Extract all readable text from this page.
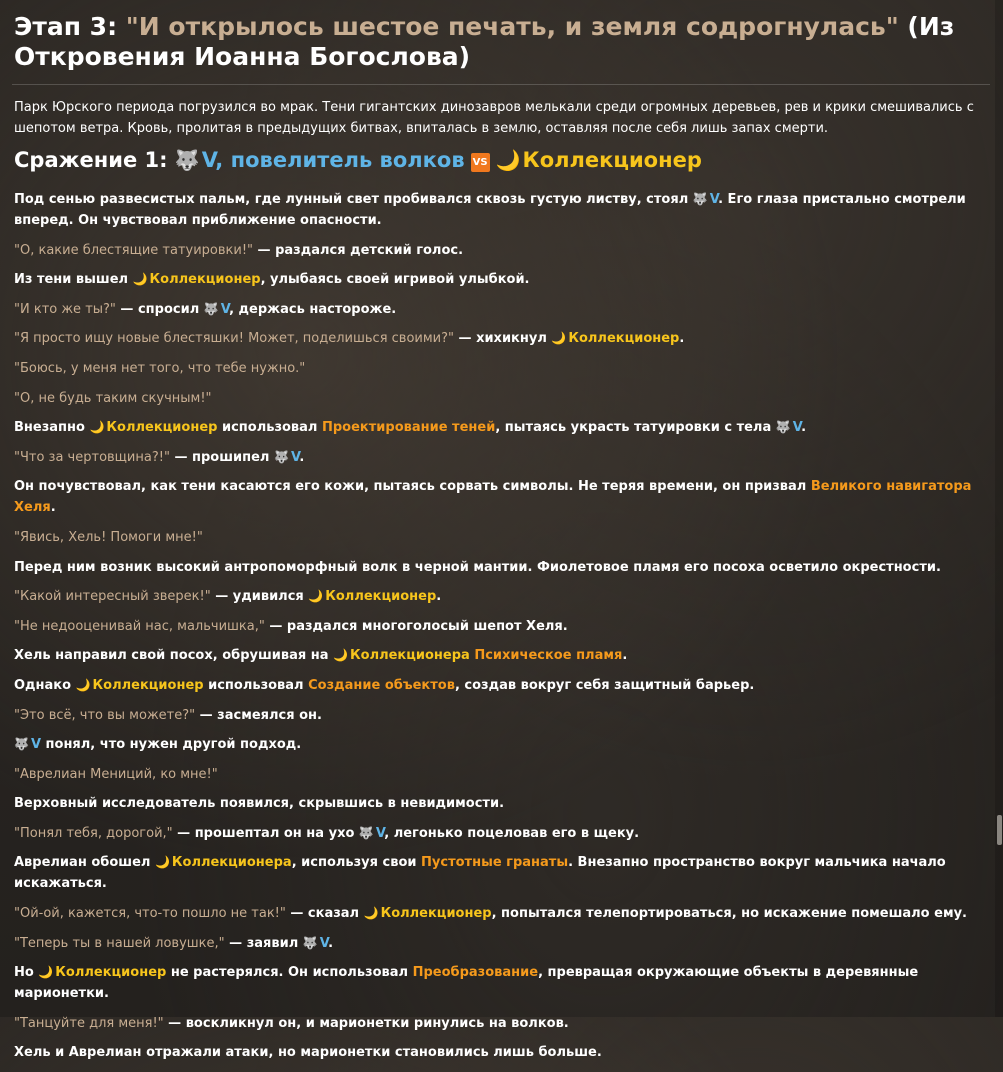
Этап 3: "И открылось шестое печать, и земля содрогнулась" (Из Откровения Иоанна Богослова)
Парк Юрского периода погрузился во мрак. Тени гигантских динозавров мелькали среди огромных деревьев, рев и крики смешивались с шепотом ветра. Кровь, пролитая в предыдущих битвах, впиталась в землю, оставляя после себя лишь запах смерти.
Сражение 1: 🐺V, повелитель волков VS 🌙Коллекционер
Под сенью развесистых пальм, где лунный свет пробивался сквозь густую листву, стоял 🐺 V. Его глаза пристально смотрели вперед. Он чувствовал приближение опасности.
"О, какие блестящие татуировки!" — раздался детский голос.
Из тени вышел 🌙 Коллекционер, улыбаясь своей игривой улыбкой.
"И кто же ты?" — спросил 🐺 V, держась настороже.
"Я просто ищу новые блестяшки! Может, поделишься своими?" — хихикнул 🌙 Коллекционер.
"Боюсь, у меня нет того, что тебе нужно."
"О, не будь таким скучным!"
Внезапно 🌙 Коллекционер использовал Проектирование теней, пытаясь украсть татуировки с тела 🐺 V.
"Что за чертовщина?!" — прошипел 🐺 V.
Он почувствовал, как тени касаются его кожи, пытаясь сорвать символы. Не теряя времени, он призвал Великого навигатора Хеля.
"Явись, Хель! Помоги мне!"
Перед ним возник высокий антропоморфный волк в черной мантии. Фиолетовое пламя его посоха осветило окрестности.
"Какой интересный зверек!" — удивился 🌙 Коллекционер.
"Не недооценивай нас, мальчишка," — раздался многоголосый шепот Хеля.
Хель направил свой посох, обрушивая на 🌙 Коллекционера Психическое пламя.
Однако 🌙 Коллекционер использовал Создание объектов, создав вокруг себя защитный барьер.
"Это всё, что вы можете?" — засмеялся он.
🐺 V понял, что нужен другой подход.
"Аврелиан Мениций, ко мне!"
Верховный исследователь появился, скрывшись в невидимости.
"Понял тебя, дорогой," — прошептал он на ухо 🐺 V, легонько поцеловав его в щеку.
Аврелиан обошел 🌙 Коллекционера, используя свои Пустотные гранаты. Внезапно пространство вокруг мальчика начало искажаться.
"Ой-ой, кажется, что-то пошло не так!" — сказал 🌙 Коллекционер, попытался телепортироваться, но искажение помешало ему.
"Теперь ты в нашей ловушке," — заявил 🐺 V.
Но 🌙 Коллекционер не растерялся. Он использовал Преобразование, превращая окружающие объекты в деревянные марионетки.
"Танцуйте для меня!" — воскликнул он, и марионетки ринулись на волков.
Хель и Аврелиан отражали атаки, но марионетки становились лишь больше.
